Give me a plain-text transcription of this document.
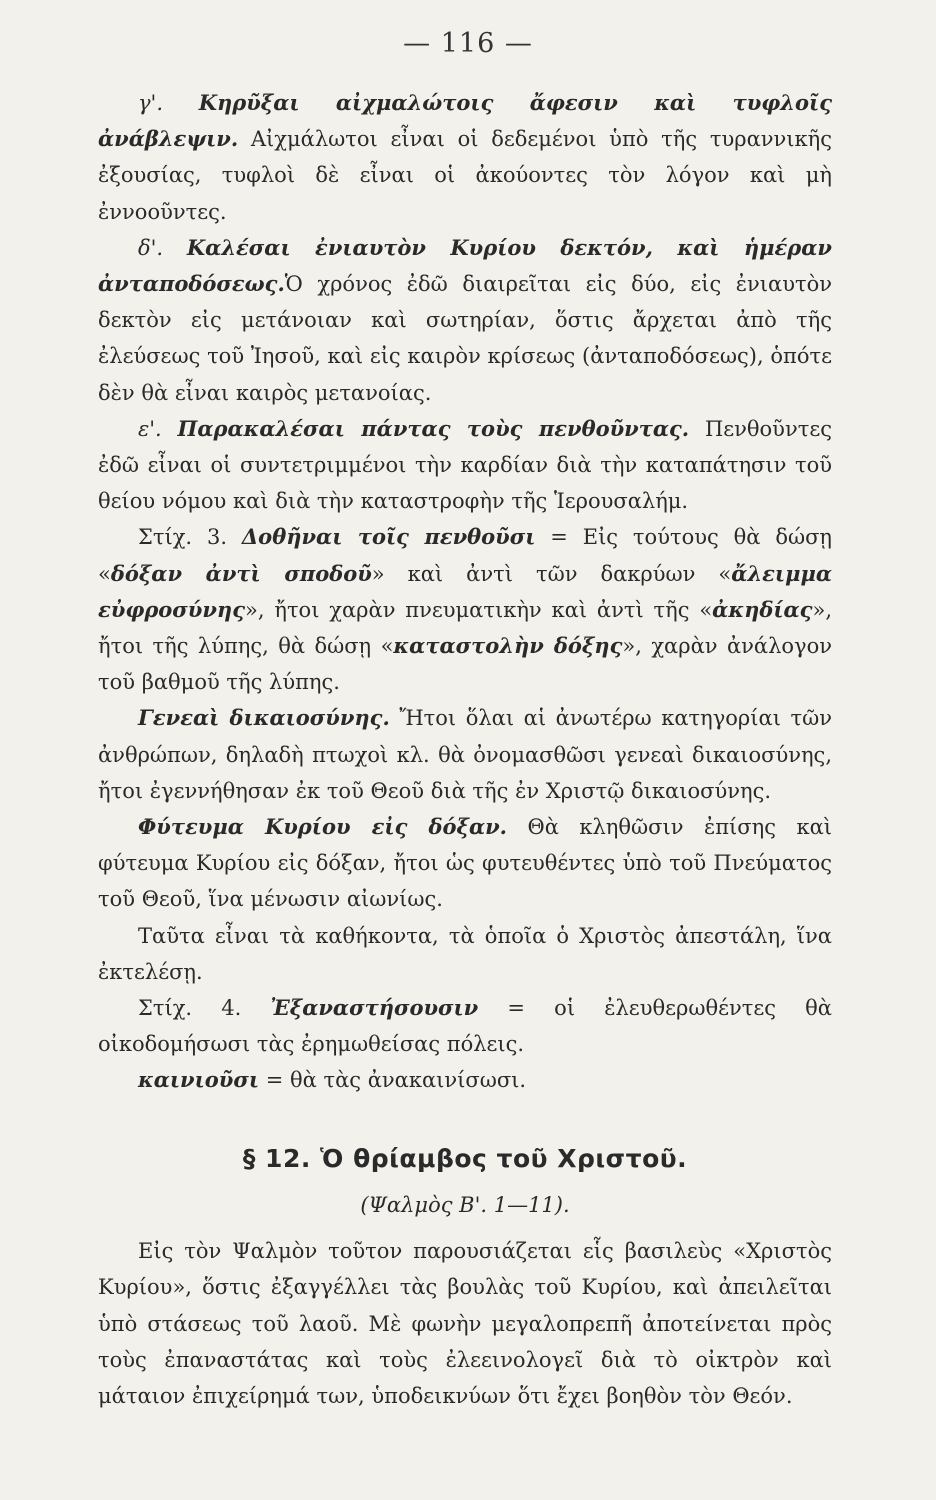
— 116 —

γ'. Κηρῦξαι αἰχμαλώτοις ἄφεσιν καὶ τυφλοῖς ἀνάβλεψιν. Αἰχμάλωτοι εἶναι οἱ δεδεμένοι ὑπὸ τῆς τυραννικῆς ἐξουσίας, τυφλοὶ δὲ εἶναι οἱ ἀκούοντες τὸν λόγον καὶ μὴ ἐννοοῦντες.

δ'. Καλέσαι ἐνιαυτὸν Κυρίου δεκτόν, καὶ ἡμέραν ἀνταποδόσεως.Ὁ χρόνος ἐδῶ διαιρεῖται εἰς δύο, εἰς ἐνιαυτὸν δεκτὸν εἰς μετάνοιαν καὶ σωτηρίαν, ὅστις ἄρχεται ἀπὸ τῆς ἐλεύσεως τοῦ Ἰησοῦ, καὶ εἰς καιρὸν κρίσεως (ἀνταποδόσεως), ὁπότε δὲν θὰ εἶναι καιρὸς μετανοίας.

ε'. Παρακαλέσαι πάντας τοὺς πενθοῦντας. Πενθοῦντες ἐδῶ εἶναι οἱ συντετριμμένοι τὴν καρδίαν διὰ τὴν καταπάτησιν τοῦ θείου νόμου καὶ διὰ τὴν καταστροφὴν τῆς Ἱερουσαλήμ.

Στίχ. 3. Δοθῆναι τοῖς πενθοῦσι = Εἰς τούτους θὰ δώσῃ «δόξαν ἀντὶ σποδοῦ» καὶ ἀντὶ τῶν δακρύων «ἄλειμμα εὐφροσύνης», ἤτοι χαρὰν πνευματικὴν καὶ ἀντὶ τῆς «ἀκηδίας», ἤτοι τῆς λύπης, θὰ δώσῃ «καταστολὴν δόξης», χαρὰν ἀνάλογον τοῦ βαθμοῦ τῆς λύπης.

Γενεαὶ δικαιοσύνης. Ἤτοι ὅλαι αἱ ἀνωτέρω κατηγορίαι τῶν ἀνθρώπων, δηλαδὴ πτωχοὶ κλ. θὰ ὀνομασθῶσι γενεαὶ δικαιοσύνης, ἤτοι ἐγεννήθησαν ἐκ τοῦ Θεοῦ διὰ τῆς ἐν Χριστῷ δικαιοσύνης.

Φύτευμα Κυρίου εἰς δόξαν. Θὰ κληθῶσιν ἐπίσης καὶ φύτευμα Κυρίου εἰς δόξαν, ἤτοι ὡς φυτευθέντες ὑπὸ τοῦ Πνεύματος τοῦ Θεοῦ, ἵνα μένωσιν αἰωνίως.

Ταῦτα εἶναι τὰ καθήκοντα, τὰ ὁποῖα ὁ Χριστὸς ἀπεστάλη, ἵνα ἐκτελέσῃ.

Στίχ. 4. Ἐξαναστήσουσιν = οἱ ἐλευθερωθέντες θὰ οἰκοδομήσωσι τὰς ἐρημωθείσας πόλεις.

καινιοῦσι = θὰ τὰς ἀνακαινίσωσι.

§ 12. Ὁ θρίαμβος τοῦ Χριστοῦ.
(Ψαλμὸς Β'. 1—11).

Εἰς τὸν Ψαλμὸν τοῦτον παρουσιάζεται εἷς βασιλεὺς «Χριστὸς Κυρίου», ὅστις ἐξαγγέλλει τὰς βουλὰς τοῦ Κυρίου, καὶ ἀπειλεῖται ὑπὸ στάσεως τοῦ λαοῦ. Μὲ φωνὴν μεγαλοπρεπῆ ἀποτείνεται πρὸς τοὺς ἐπαναστάτας καὶ τοὺς ἐλεεινολογεῖ διὰ τὸ οἰκτρὸν καὶ μάταιον ἐπιχείρημά των, ὑποδεικνύων ὅτι ἔχει βοηθὸν τὸν Θεόν.
